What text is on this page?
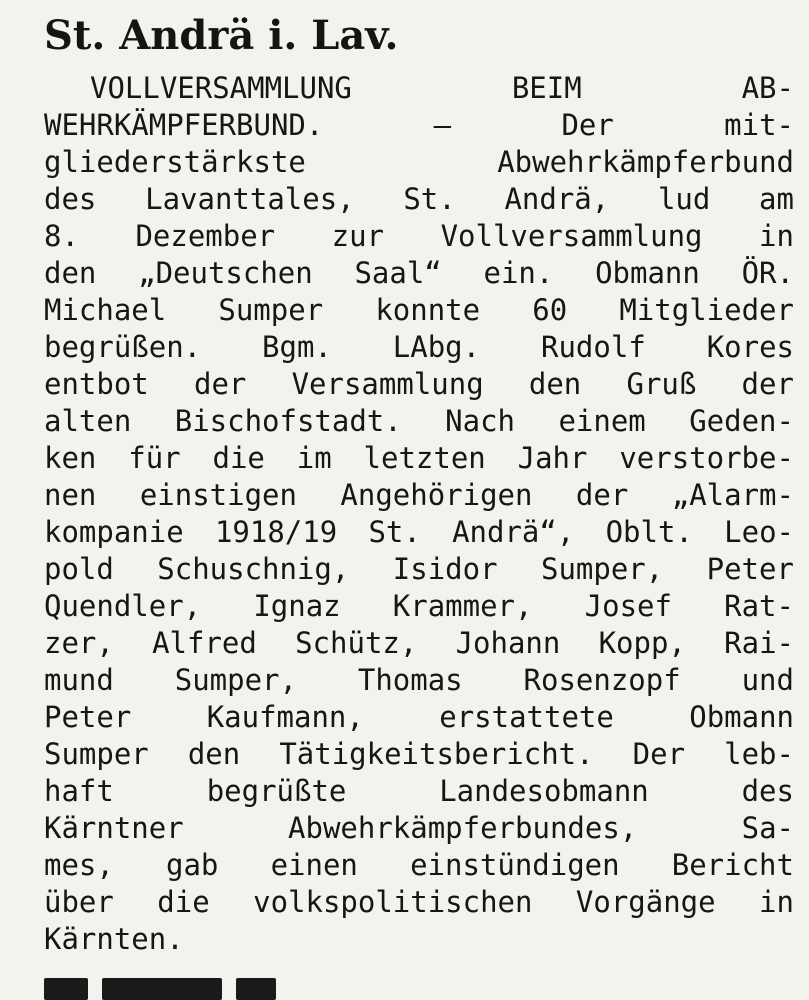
St. Andrä i. Lav.
VOLLVERSAMMLUNG	BEIM	AB-
WEHRKÄMPFERBUND.	—	Der	mit-
gliederstärkste	Abwehrkämpferbund
des Lavanttales, St. Andrä, lud am
8. Dezember zur Vollversammlung in
den „Deutschen Saal“ ein. Obmann ÖR.
Michael Sumper konnte 60 Mitglieder
begrüßen. Bgm. LAbg. Rudolf Kores
entbot der Versammlung den Gruß der
alten Bischofstadt. Nach einem Geden-
ken für die im letzten Jahr verstorbe-
nen einstigen Angehörigen der „Alarm-
kompanie 1918/19 St. Andrä“, Oblt. Leo-
pold Schuschnig, Isidor Sumper, Peter
Quendler, Ignaz Krammer, Josef Rat-
zer, Alfred Schütz, Johann Kopp, Rai-
mund Sumper, Thomas Rosenzopf und
Peter	Kaufmann,	erstattete	Obmann
Sumper den Tätigkeitsbericht. Der leb-
haft	begrüßte	Landesobmann	des
Kärntner	Abwehrkämpferbundes,	Sa-
mes, gab einen einstündigen Bericht
über die volkspolitischen Vorgänge in
Kärnten.
